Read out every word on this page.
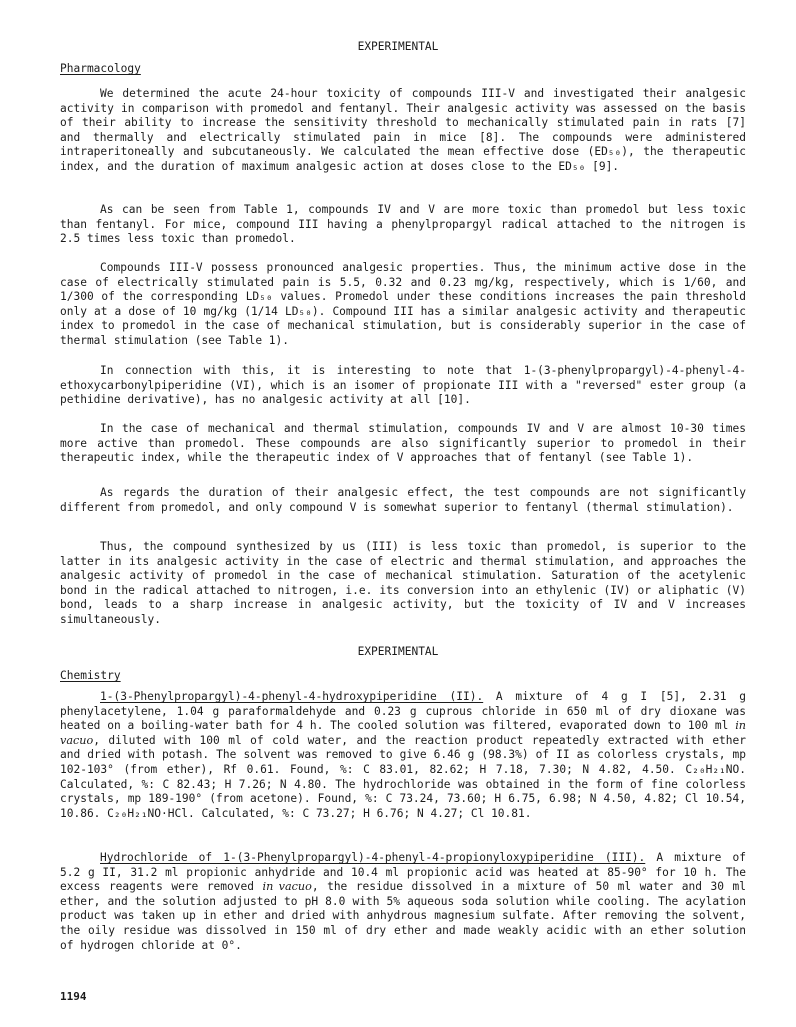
EXPERIMENTAL
Pharmacology

We determined the acute 24-hour toxicity of compounds III-V and investigated their analgesic activity in comparison with promedol and fentanyl. Their analgesic activity was assessed on the basis of their ability to increase the sensitivity threshold to mechanically stimulated pain in rats [7] and thermally and electrically stimulated pain in mice [8]. The compounds were administered intraperitoneally and subcutaneously. We calculated the mean effective dose (ED₅₀), the therapeutic index, and the duration of maximum analgesic action at doses close to the ED₅₀ [9].

As can be seen from Table 1, compounds IV and V are more toxic than promedol but less toxic than fentanyl. For mice, compound III having a phenylpropargyl radical attached to the nitrogen is 2.5 times less toxic than promedol.

Compounds III-V possess pronounced analgesic properties. Thus, the minimum active dose in the case of electrically stimulated pain is 5.5, 0.32 and 0.23 mg/kg, respectively, which is 1/60, and 1/300 of the corresponding LD₅₀ values. Promedol under these conditions increases the pain threshold only at a dose of 10 mg/kg (1/14 LD₅₀). Compound III has a similar analgesic activity and therapeutic index to promedol in the case of mechanical stimulation, but is considerably superior in the case of thermal stimulation (see Table 1).

In connection with this, it is interesting to note that 1-(3-phenylpropargyl)-4-phenyl-4-ethoxycarbonylpiperidine (VI), which is an isomer of propionate III with a "reversed" ester group (a pethidine derivative), has no analgesic activity at all [10].

In the case of mechanical and thermal stimulation, compounds IV and V are almost 10-30 times more active than promedol. These compounds are also significantly superior to promedol in their therapeutic index, while the therapeutic index of V approaches that of fentanyl (see Table 1).

As regards the duration of their analgesic effect, the test compounds are not significantly different from promedol, and only compound V is somewhat superior to fentanyl (thermal stimulation).

Thus, the compound synthesized by us (III) is less toxic than promedol, is superior to the latter in its analgesic activity in the case of electric and thermal stimulation, and approaches the analgesic activity of promedol in the case of mechanical stimulation. Saturation of the acetylenic bond in the radical attached to nitrogen, i.e. its conversion into an ethylenic (IV) or aliphatic (V) bond, leads to a sharp increase in analgesic activity, but the toxicity of IV and V increases simultaneously.

EXPERIMENTAL
Chemistry

1-(3-Phenylpropargyl)-4-phenyl-4-hydroxypiperidine (II). A mixture of 4 g I [5], 2.31 g phenylacetylene, 1.04 g paraformaldehyde and 0.23 g cuprous chloride in 650 ml of dry dioxane was heated on a boiling-water bath for 4 h. The cooled solution was filtered, evaporated down to 100 ml in vacuo, diluted with 100 ml of cold water, and the reaction product repeatedly extracted with ether and dried with potash. The solvent was removed to give 6.46 g (98.3%) of II as colorless crystals, mp 102-103° (from ether), Rf 0.61. Found, %: C 83.01, 82.62; H 7.18, 7.30; N 4.82, 4.50. C₂₀H₂₁NO. Calculated, %: C 82.43; H 7.26; N 4.80. The hydrochloride was obtained in the form of fine colorless crystals, mp 189-190° (from acetone). Found, %: C 73.24, 73.60; H 6.75, 6.98; N 4.50, 4.82; Cl 10.54, 10.86. C₂₀H₂₁NO·HCl. Calculated, %: C 73.27; H 6.76; N 4.27; Cl 10.81.

Hydrochloride of 1-(3-Phenylpropargyl)-4-phenyl-4-propionyloxypiperidine (III). A mixture of 5.2 g II, 31.2 ml propionic anhydride and 10.4 ml propionic acid was heated at 85-90° for 10 h. The excess reagents were removed in vacuo, the residue dissolved in a mixture of 50 ml water and 30 ml ether, and the solution adjusted to pH 8.0 with 5% aqueous soda solution while cooling. The acylation product was taken up in ether and dried with anhydrous magnesium sulfate. After removing the solvent, the oily residue was dissolved in 150 ml of dry ether and made weakly acidic with an ether solution of hydrogen chloride at 0°.

1194
